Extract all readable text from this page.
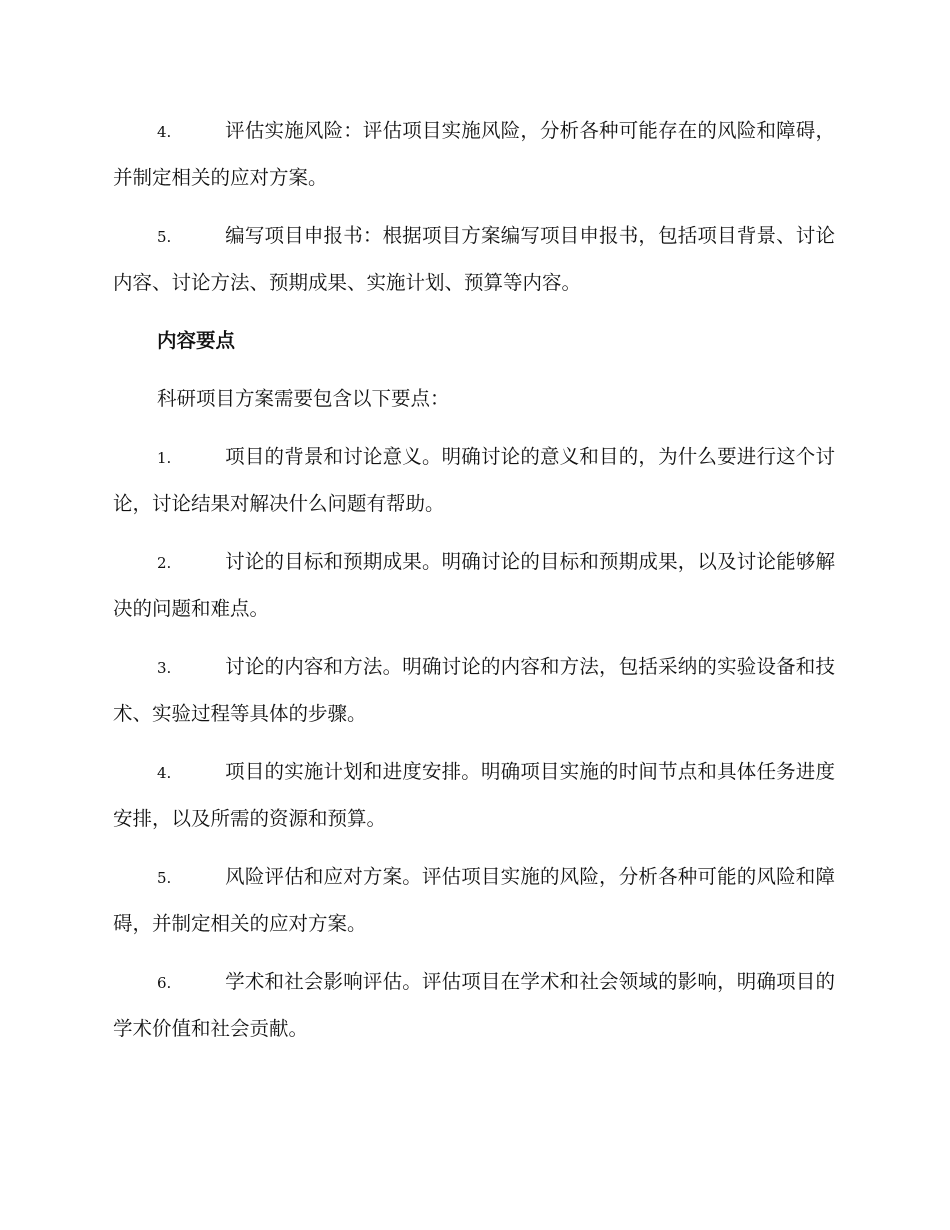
4.	评估实施风险：评估项目实施风险，分析各种可能存在的风险和障碍，并制定相关的应对方案。
5.	编写项目申报书：根据项目方案编写项目申报书，包括项目背景、讨论内容、讨论方法、预期成果、实施计划、预算等内容。
内容要点
科研项目方案需要包含以下要点：
1.	项目的背景和讨论意义。明确讨论的意义和目的，为什么要进行这个讨论，讨论结果对解决什么问题有帮助。
2.	讨论的目标和预期成果。明确讨论的目标和预期成果，以及讨论能够解决的问题和难点。
3.	讨论的内容和方法。明确讨论的内容和方法，包括采纳的实验设备和技术、实验过程等具体的步骤。
4.	项目的实施计划和进度安排。明确项目实施的时间节点和具体任务进度安排，以及所需的资源和预算。
5.	风险评估和应对方案。评估项目实施的风险，分析各种可能的风险和障碍，并制定相关的应对方案。
6.	学术和社会影响评估。评估项目在学术和社会领域的影响，明确项目的学术价值和社会贡献。
